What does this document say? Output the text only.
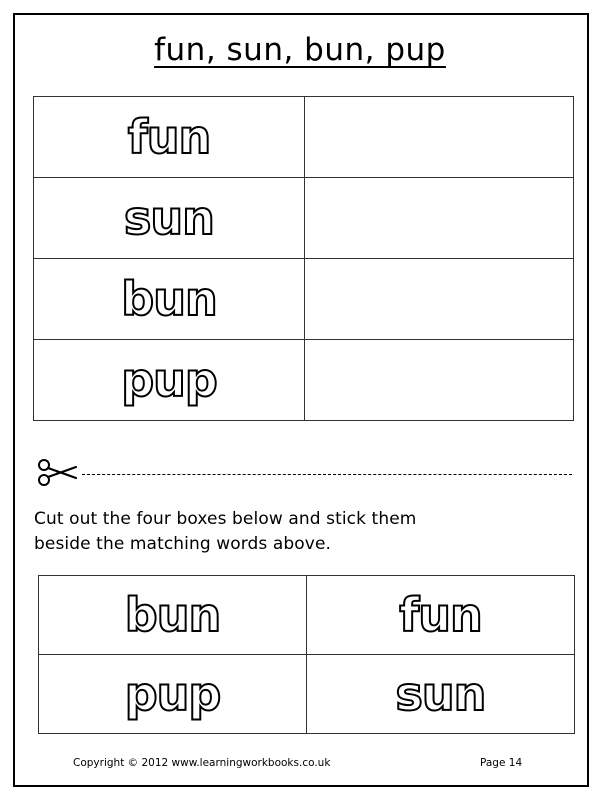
fun, sun, bun, pup
fun	
sun	
bun	
pup	
Cut out the four boxes below and stick them
beside the matching words above.
bun	fun
pup	sun
Copyright © 2012 www.learningworkbooks.co.uk	Page 14
